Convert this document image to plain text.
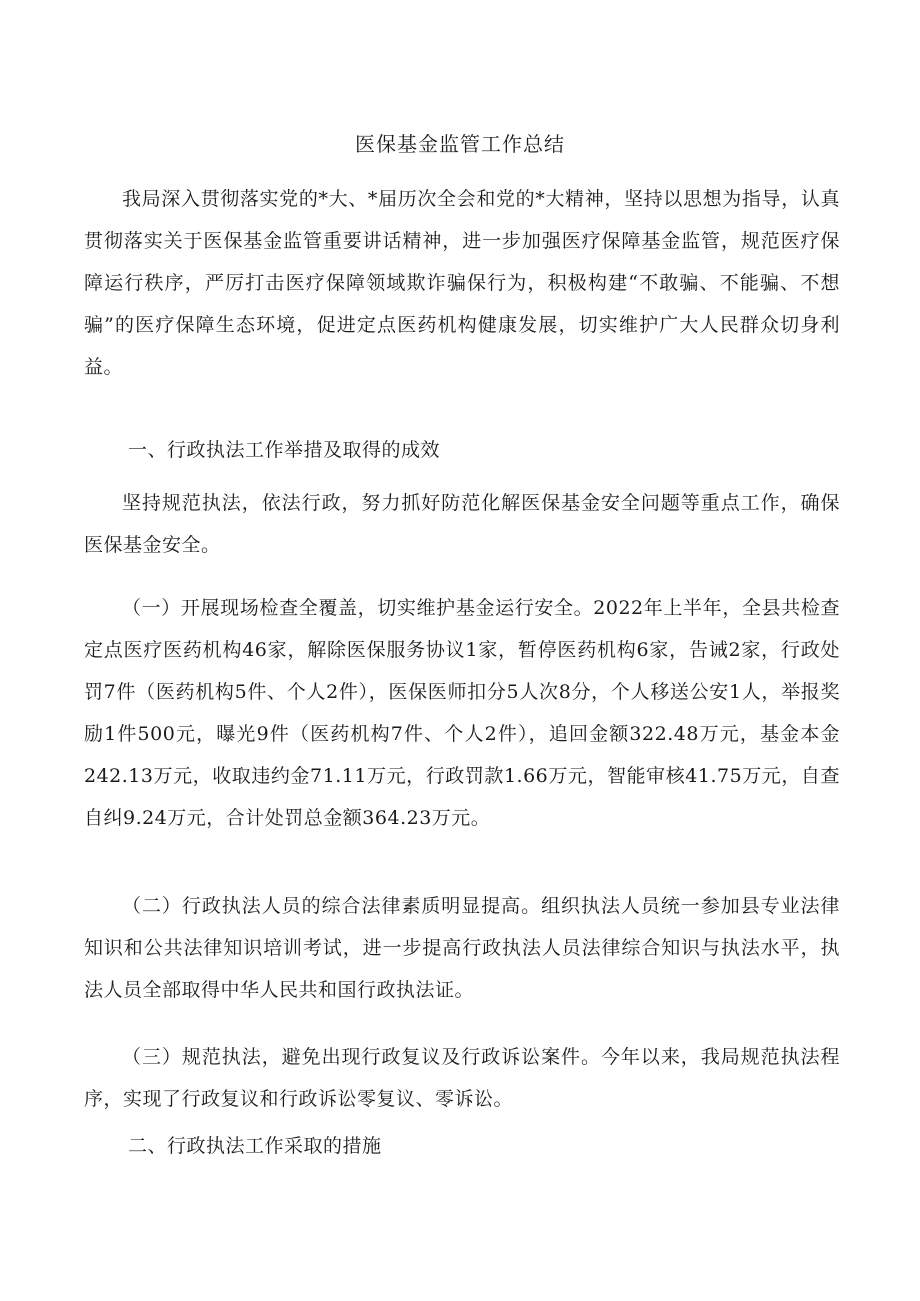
医保基金监管工作总结

我局深入贯彻落实党的*大、*届历次全会和党的*大精神，坚持以思想为指导，认真贯彻落实关于医保基金监管重要讲话精神，进一步加强医疗保障基金监管，规范医疗保障运行秩序，严厉打击医疗保障领域欺诈骗保行为，积极构建“不敢骗、不能骗、不想骗”的医疗保障生态环境，促进定点医药机构健康发展，切实维护广大人民群众切身利益。

一、行政执法工作举措及取得的成效

坚持规范执法，依法行政，努力抓好防范化解医保基金安全问题等重点工作，确保医保基金安全。

（一）开展现场检查全覆盖，切实维护基金运行安全。2022年上半年，全县共检查定点医疗医药机构46家，解除医保服务协议1家，暂停医药机构6家，告诫2家，行政处罚7件（医药机构5件、个人2件），医保医师扣分5人次8分，个人移送公安1人，举报奖励1件500元，曝光9件（医药机构7件、个人2件），追回金额322.48万元，基金本金242.13万元，收取违约金71.11万元，行政罚款1.66万元，智能审核41.75万元，自查自纠9.24万元，合计处罚总金额364.23万元。

（二）行政执法人员的综合法律素质明显提高。组织执法人员统一参加县专业法律知识和公共法律知识培训考试，进一步提高行政执法人员法律综合知识与执法水平，执法人员全部取得中华人民共和国行政执法证。

（三）规范执法，避免出现行政复议及行政诉讼案件。今年以来，我局规范执法程序，实现了行政复议和行政诉讼零复议、零诉讼。

二、行政执法工作采取的措施
